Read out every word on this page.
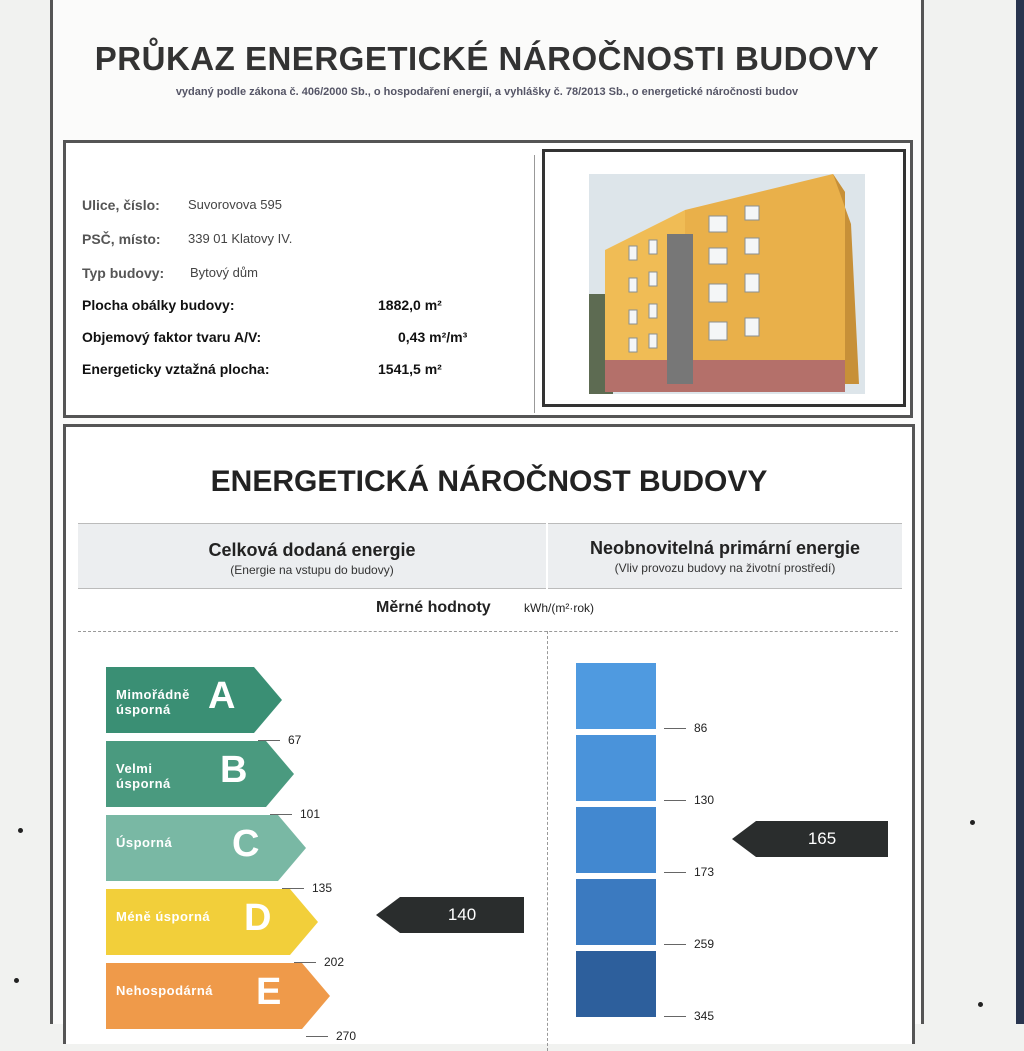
PRŮKAZ ENERGETICKÉ NÁROČNOSTI BUDOVY
vydaný podle zákona č. 406/2000 Sb., o hospodaření energií, a vyhlášky č. 78/2013 Sb., o energetické náročnosti budov
Ulice, číslo: Suvorovova 595
PSČ, místo: 339 01 Klatovy IV.
Typ budovy: Bytový dům
Plocha obálky budovy:	1882,0 m²
Objemový faktor tvaru A/V:	0,43 m²/m³
Energeticky vztažná plocha:	1541,5 m²
ENERGETICKÁ NÁROČNOST BUDOVY
Celková dodaná energie
(Energie na vstupu do budovy)
Neobnovitelná primární energie
(Vliv provozu budovy na životní prostředí)
Měrné hodnoty	kWh/(m²·rok)
Mimořádně úsporná A
67
Velmi úsporná	B
101
Úsporná	C
135
Méně úsporná D
202
Nehospodárná	E
270
86
130
173
259
345
140
165
